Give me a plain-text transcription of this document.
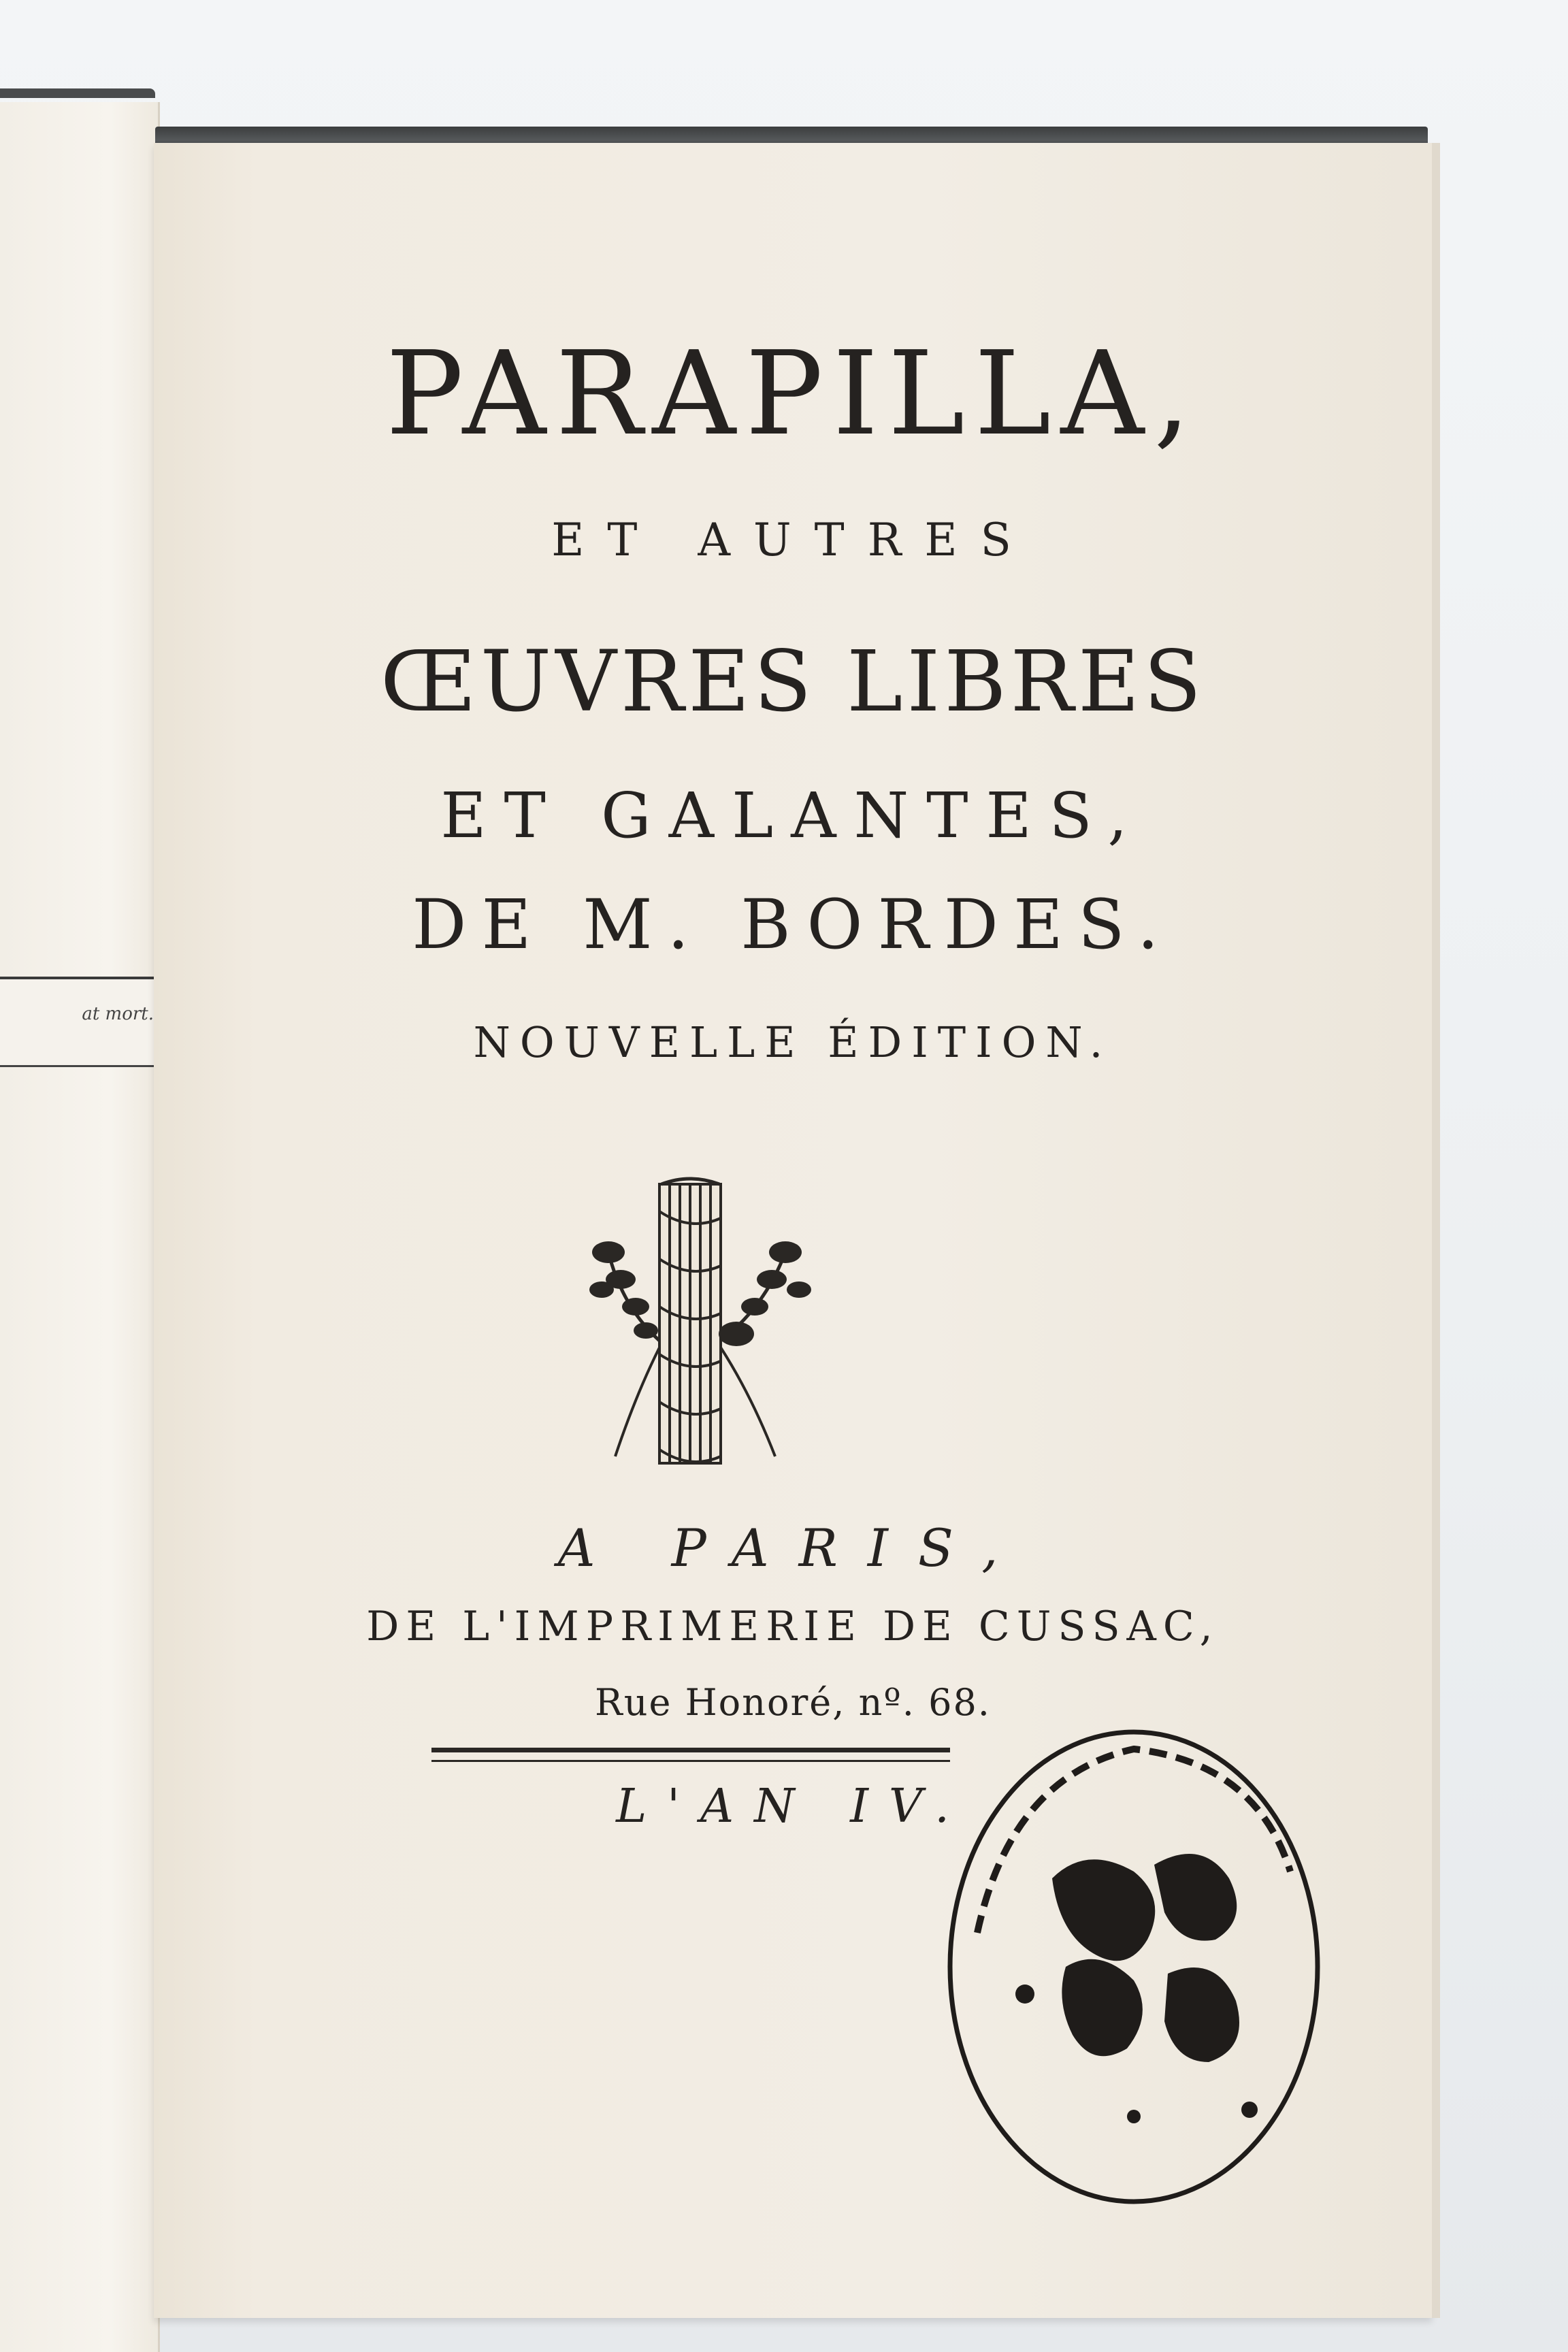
at mort.
PARAPILLA,
ET AUTRES
ŒUVRES LIBRES
ET GALANTES,
DE M. BORDES.
NOUVELLE ÉDITION.
A PARIS,
DE L'IMPRIMERIE DE CUSSAC,
Rue Honoré, nº. 68.
L'AN IV.
